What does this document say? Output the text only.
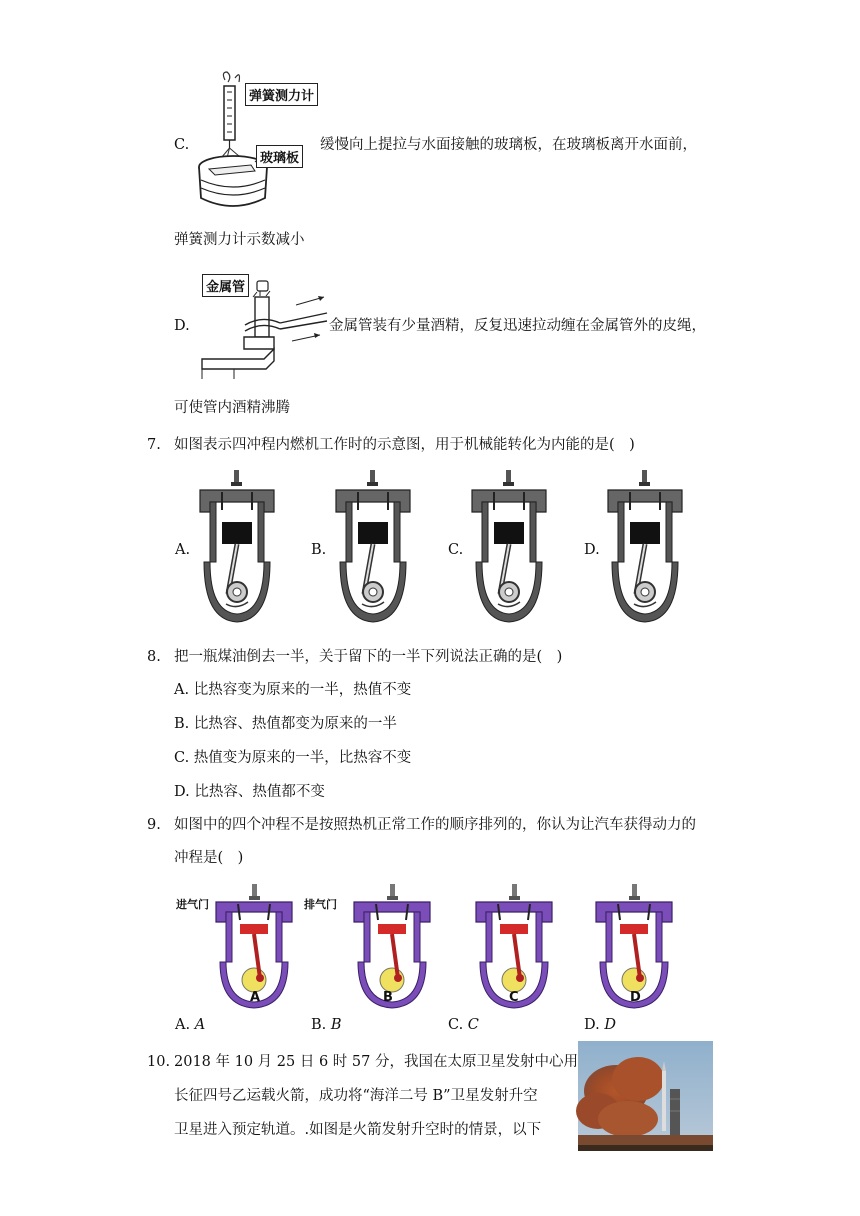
C.
弹簧测力计
玻璃板
缓慢向上提拉与水面接触的玻璃板，在玻璃板离开水面前，
弹簧测力计示数减小
D.
金属管
金属管装有少量酒精，反复迅速拉动缠在金属管外的皮绳，
可使管内酒精沸腾
7. 如图表示四冲程内燃机工作时的示意图，用于机械能转化为内能的是(　)
A.	B.	C.	D.
8. 把一瓶煤油倒去一半，关于留下的一半下列说法正确的是(　)
A. 比热容变为原来的一半，热值不变
B. 比热容、热值都变为原来的一半
C. 热值变为原来的一半，比热容不变
D. 比热容、热值都不变
9. 如图中的四个冲程不是按照热机正常工作的顺序排列的，你认为让汽车获得动力的
冲程是(　)
进气门	排气门
A	B	C	D
A. A	B. B	C. C	D. D
10. 2018 年 10 月 25 日 6 时 57 分，我国在太原卫星发射中心用
长征四号乙运载火箭，成功将“海洋二号 B”卫星发射升空
卫星进入预定轨道。.如图是火箭发射升空时的情景，以下
